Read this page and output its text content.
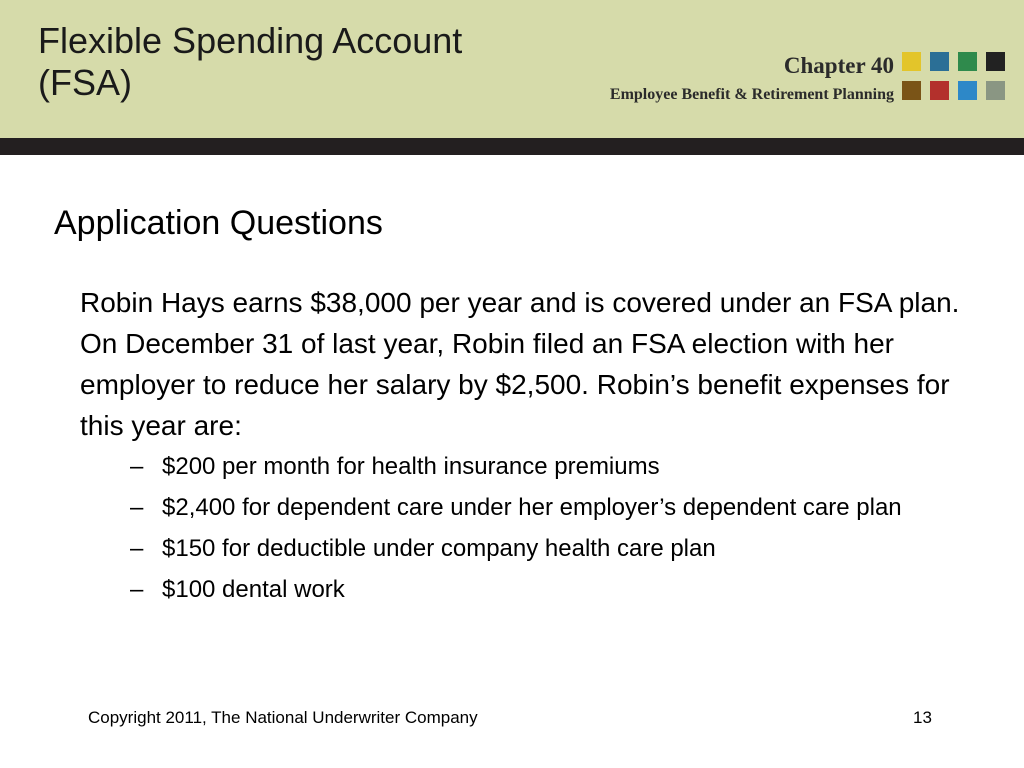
Flexible Spending Account
(FSA)	Chapter 40
Employee Benefit & Retirement Planning
Application Questions

Robin Hays earns $38,000 per year and is covered under an FSA plan. On December 31 of last year, Robin filed an FSA election with her employer to reduce her salary by $2,500. Robin’s benefit expenses for this year are:

– $200 per month for health insurance premiums
– $2,400 for dependent care under her employer’s dependent care plan
– $150 for deductible under company health care plan
– $100 dental work
Copyright 2011, The National Underwriter Company	13
